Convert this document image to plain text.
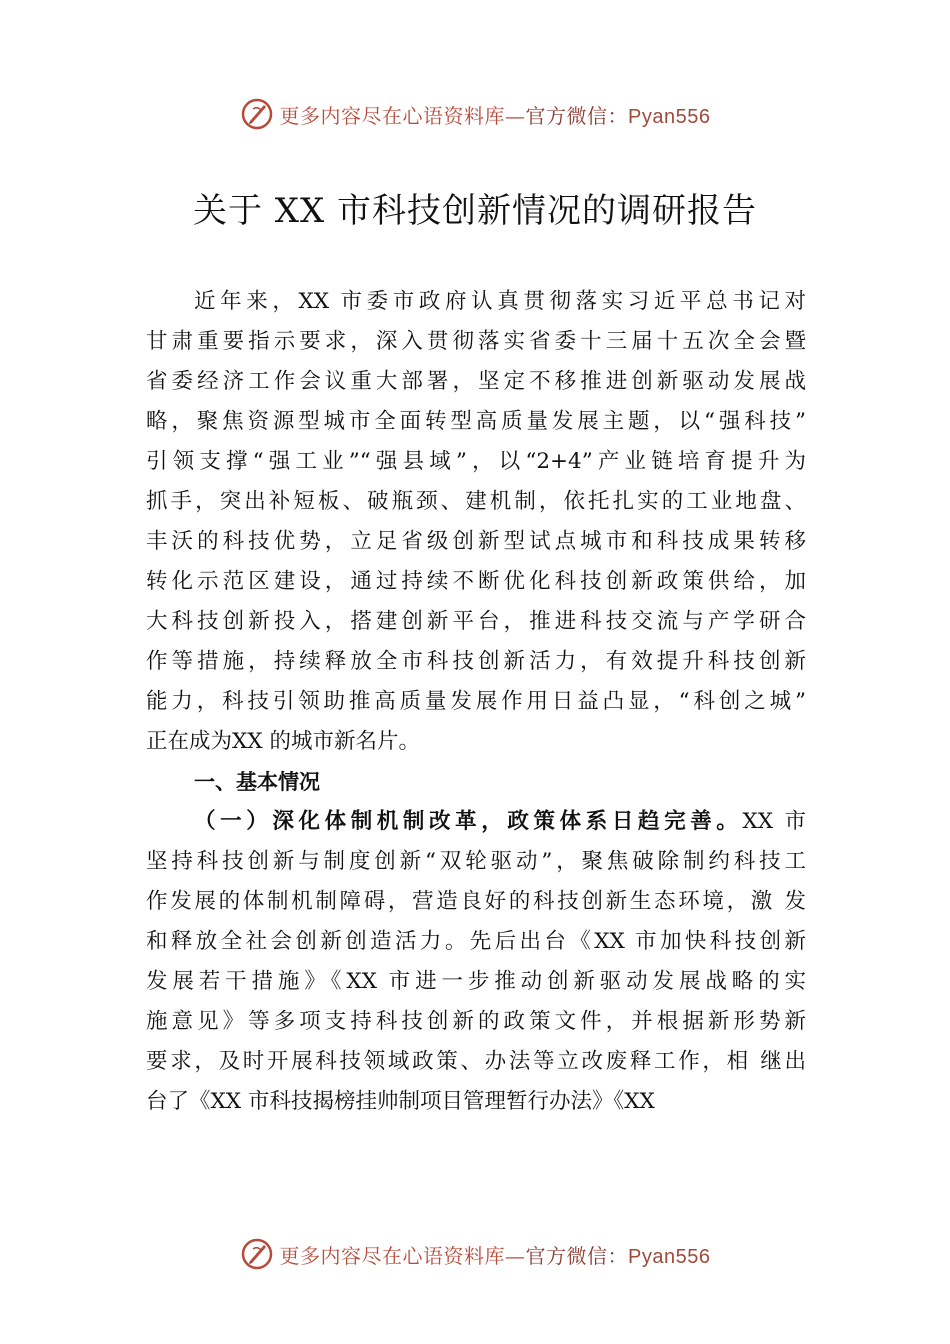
更多内容尽在心语资料库—官方微信：Pyan556
关于 XX 市科技创新情况的调研报告
近年来，XX 市委市政府认真贯彻落实习近平总书记对
甘肃重要指示要求，深入贯彻落实省委十三届十五次全会暨
省委经济工作会议重大部署，坚定不移推进创新驱动发展战
略，聚焦资源型城市全面转型高质量发展主题，以“强科技”
引领支撑“强工业”“强县域”，以“2+4”产业链培育提升为
抓手，突出补短板、破瓶颈、建机制，依托扎实的工业地盘、
丰沃的科技优势，立足省级创新型试点城市和科技成果转移
转化示范区建设，通过持续不断优化科技创新政策供给，加
大科技创新投入，搭建创新平台，推进科技交流与产学研合
作等措施，持续释放全市科技创新活力，有效提升科技创新
能力，科技引领助推高质量发展作用日益凸显，“科创之城”
正在成为XX 的城市新名片。
一、基本情况
（一）深化体制机制改革，政策体系日趋完善。XX 市
坚持科技创新与制度创新“双轮驱动”，聚焦破除制约科技工
作发展的体制机制障碍，营造良好的科技创新生态环境，激 发
和释放全社会创新创造活力。先后出台《XX 市加快科技创新
发展若干措施》《XX 市进一步推动创新驱动发展战略的实
施意见》等多项支持科技创新的政策文件，并根据新形势新
要求，及时开展科技领域政策、办法等立改废释工作，相 继出
台了《XX 市科技揭榜挂帅制项目管理暂行办法》《XX
更多内容尽在心语资料库—官方微信：Pyan556
